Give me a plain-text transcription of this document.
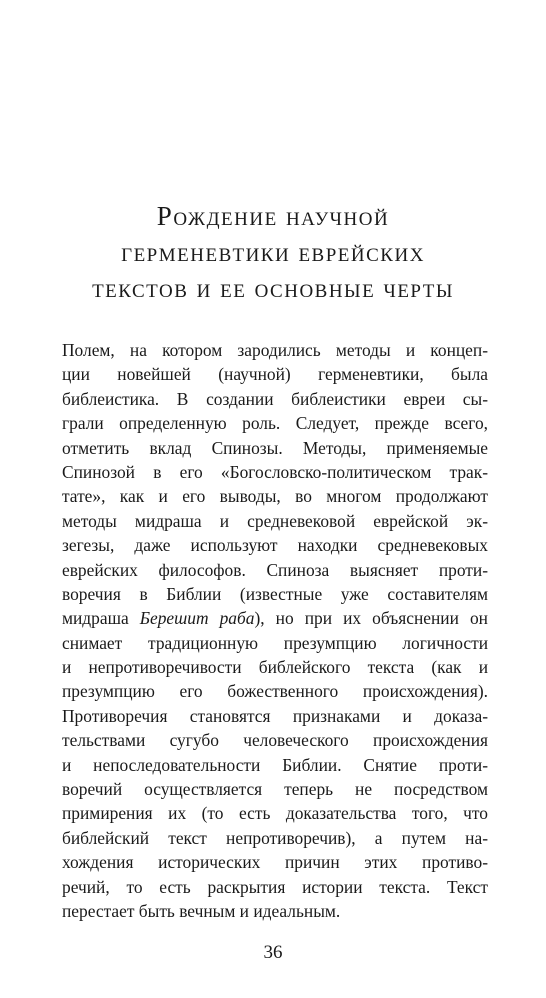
Рождение научной
герменевтики еврейских
текстов и ее основные черты
Полем, на котором зародились методы и концеп-
ции новейшей (научной) герменевтики, была
библеистика. В создании библеистики евреи сы-
грали определенную роль. Следует, прежде всего,
отметить вклад Спинозы. Методы, применяемые
Спинозой в его «Богословско-политическом трак-
тате», как и его выводы, во многом продолжают
методы мидраша и средневековой еврейской эк-
зегезы, даже используют находки средневековых
еврейских философов. Спиноза выясняет проти-
воречия в Библии (известные уже составителям
мидраша Берешит раба), но при их объяснении он
снимает традиционную презумпцию логичности
и непротиворечивости библейского текста (как и
презумпцию его божественного происхождения).
Противоречия становятся признаками и доказа-
тельствами сугубо человеческого происхождения
и непоследовательности Библии. Снятие проти-
воречий осуществляется теперь не посредством
примирения их (то есть доказательства того, что
библейский текст непротиворечив), а путем на-
хождения исторических причин этих противо-
речий, то есть раскрытия истории текста. Текст
перестает быть вечным и идеальным.
36
